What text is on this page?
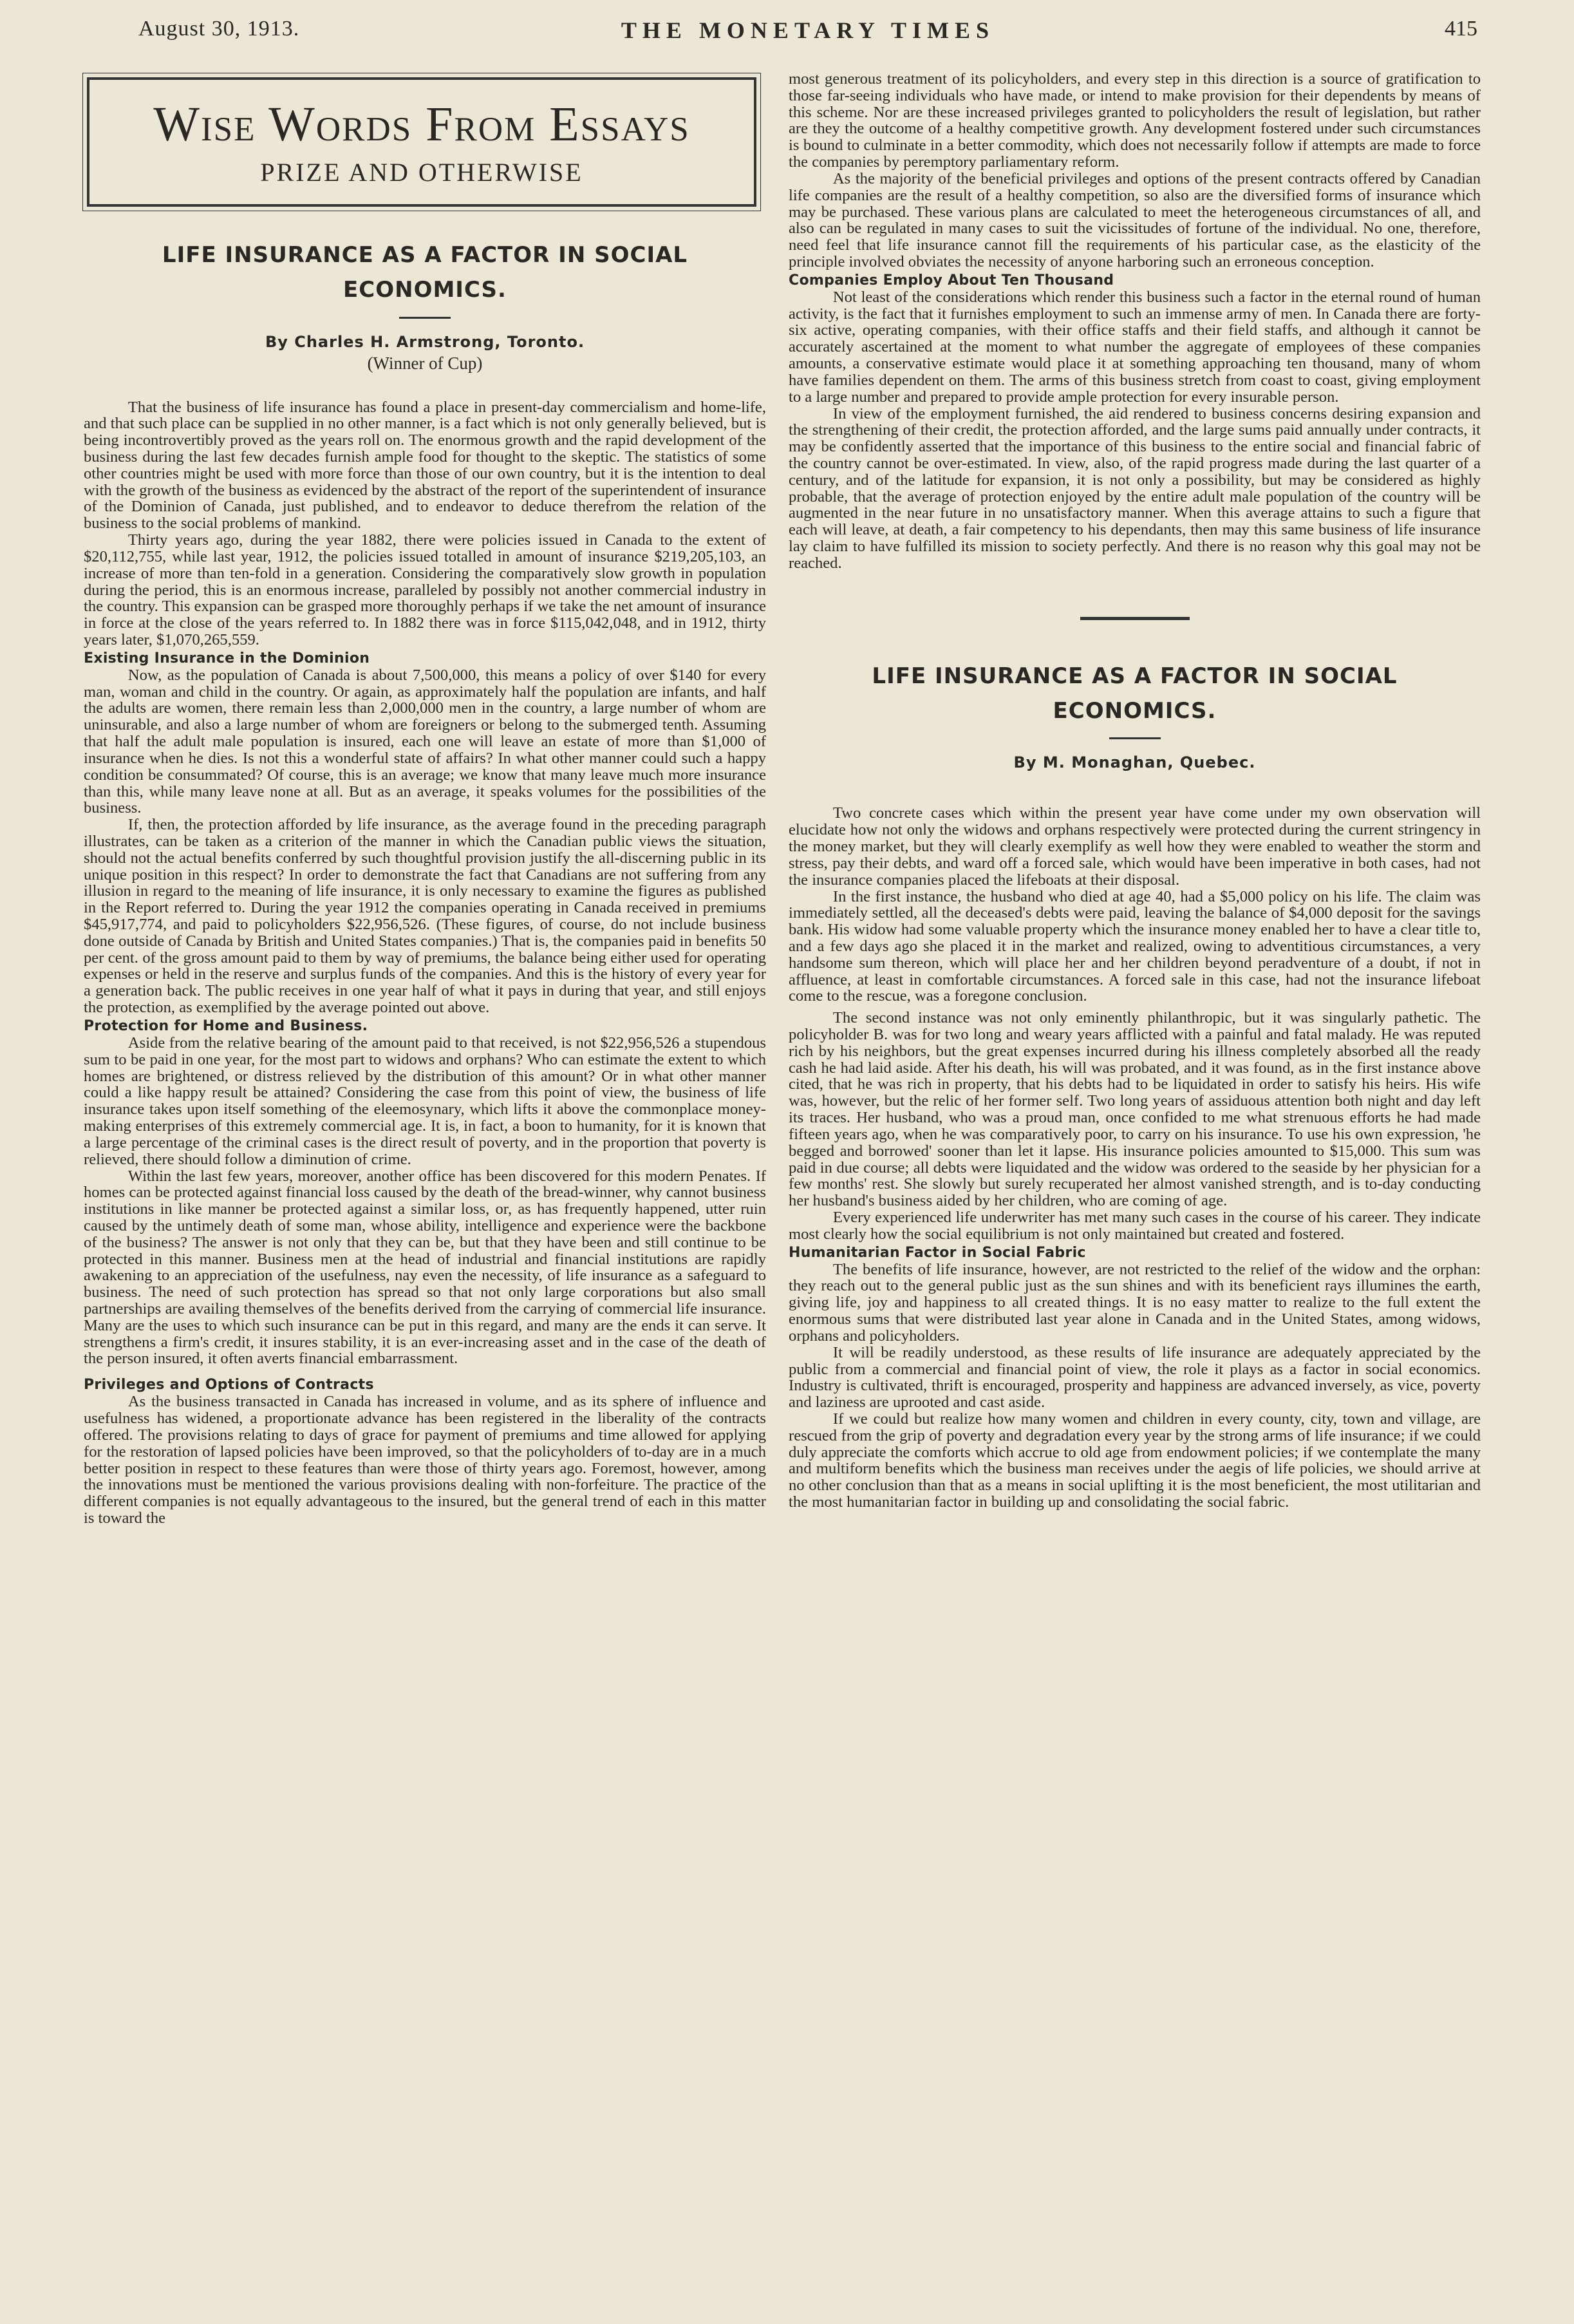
August 30, 1913.	THE MONETARY TIMES	415
Wise Words From Essays
PRIZE AND OTHERWISE
LIFE INSURANCE AS A FACTOR IN SOCIAL ECONOMICS.
By Charles H. Armstrong, Toronto.
(Winner of Cup)

That the business of life insurance has found a place in present-day commercialism and home-life, and that such place can be supplied in no other manner, is a fact which is not only generally believed, but is being incontrovertibly proved as the years roll on. The enormous growth and the rapid development of the business during the last few decades furnish ample food for thought to the skeptic. The statistics of some other countries might be used with more force than those of our own country, but it is the intention to deal with the growth of the business as evidenced by the abstract of the report of the superintendent of insurance of the Dominion of Canada, just published, and to endeavor to deduce therefrom the relation of the business to the social problems of mankind.

Thirty years ago, during the year 1882, there were policies issued in Canada to the extent of $20,112,755, while last year, 1912, the policies issued totalled in amount of insurance $219,205,103, an increase of more than ten-fold in a generation. Considering the comparatively slow growth in population during the period, this is an enormous increase, paralleled by possibly not another commercial industry in the country. This expansion can be grasped more thoroughly perhaps if we take the net amount of insurance in force at the close of the years referred to. In 1882 there was in force $115,042,048, and in 1912, thirty years later, $1,070,265,559.

Existing Insurance in the Dominion

Now, as the population of Canada is about 7,500,000, this means a policy of over $140 for every man, woman and child in the country. Or again, as approximately half the population are infants, and half the adults are women, there remain less than 2,000,000 men in the country, a large number of whom are uninsurable, and also a large number of whom are foreigners or belong to the submerged tenth. Assuming that half the adult male population is insured, each one will leave an estate of more than $1,000 of insurance when he dies. Is not this a wonderful state of affairs? In what other manner could such a happy condition be consummated? Of course, this is an average; we know that many leave much more insurance than this, while many leave none at all. But as an average, it speaks volumes for the possibilities of the business.

If, then, the protection afforded by life insurance, as the average found in the preceding paragraph illustrates, can be taken as a criterion of the manner in which the Canadian public views the situation, should not the actual benefits conferred by such thoughtful provision justify the all-discerning public in its unique position in this respect? In order to demonstrate the fact that Canadians are not suffering from any illusion in regard to the meaning of life insurance, it is only necessary to examine the figures as published in the Report referred to. During the year 1912 the companies operating in Canada received in premiums $45,917,774, and paid to policyholders $22,956,526. (These figures, of course, do not include business done outside of Canada by British and United States companies.) That is, the companies paid in benefits 50 per cent. of the gross amount paid to them by way of premiums, the balance being either used for operating expenses or held in the reserve and surplus funds of the companies. And this is the history of every year for a generation back. The public receives in one year half of what it pays in during that year, and still enjoys the protection, as exemplified by the average pointed out above.

Protection for Home and Business.

Aside from the relative bearing of the amount paid to that received, is not $22,956,526 a stupendous sum to be paid in one year, for the most part to widows and orphans? Who can estimate the extent to which homes are brightened, or distress relieved by the distribution of this amount? Or in what other manner could a like happy result be attained? Considering the case from this point of view, the business of life insurance takes upon itself something of the eleemosynary, which lifts it above the commonplace money-making enterprises of this extremely commercial age. It is, in fact, a boon to humanity, for it is known that a large percentage of the criminal cases is the direct result of poverty, and in the proportion that poverty is relieved, there should follow a diminution of crime.

Within the last few years, moreover, another office has been discovered for this modern Penates. If homes can be protected against financial loss caused by the death of the bread-winner, why cannot business institutions in like manner be protected against a similar loss, or, as has frequently happened, utter ruin caused by the untimely death of some man, whose ability, intelligence and experience were the backbone of the business? The answer is not only that they can be, but that they have been and still continue to be protected in this manner. Business men at the head of industrial and financial institutions are rapidly awakening to an appreciation of the usefulness, nay even the necessity, of life insurance as a safeguard to business. The need of such protection has spread so that not only large corporations but also small partnerships are availing themselves of the benefits derived from the carrying of commercial life insurance. Many are the uses to which such insurance can be put in this regard, and many are the ends it can serve. It strengthens a firm's credit, it insures stability, it is an ever-increasing asset and in the case of the death of the person insured, it often averts financial embarrassment.

Privileges and Options of Contracts

As the business transacted in Canada has increased in volume, and as its sphere of influence and usefulness has widened, a proportionate advance has been registered in the liberality of the contracts offered. The provisions relating to days of grace for payment of premiums and time allowed for applying for the restoration of lapsed policies have been improved, so that the policyholders of to-day are in a much better position in respect to these features than were those of thirty years ago. Foremost, however, among the innovations must be mentioned the various provisions dealing with non-forfeiture. The practice of the different companies is not equally advantageous to the insured, but the general trend of each in this matter is toward the

most generous treatment of its policyholders, and every step in this direction is a source of gratification to those far-seeing individuals who have made, or intend to make provision for their dependents by means of this scheme. Nor are these increased privileges granted to policyholders the result of legislation, but rather are they the outcome of a healthy competitive growth. Any development fostered under such circumstances is bound to culminate in a better commodity, which does not necessarily follow if attempts are made to force the companies by peremptory parliamentary reform.

As the majority of the beneficial privileges and options of the present contracts offered by Canadian life companies are the result of a healthy competition, so also are the diversified forms of insurance which may be purchased. These various plans are calculated to meet the heterogeneous circumstances of all, and also can be regulated in many cases to suit the vicissitudes of fortune of the individual. No one, therefore, need feel that life insurance cannot fill the requirements of his particular case, as the elasticity of the principle involved obviates the necessity of anyone harboring such an erroneous conception.

Companies Employ About Ten Thousand

Not least of the considerations which render this business such a factor in the eternal round of human activity, is the fact that it furnishes employment to such an immense army of men. In Canada there are forty-six active, operating companies, with their office staffs and their field staffs, and although it cannot be accurately ascertained at the moment to what number the aggregate of employees of these companies amounts, a conservative estimate would place it at something approaching ten thousand, many of whom have families dependent on them. The arms of this business stretch from coast to coast, giving employment to a large number and prepared to provide ample protection for every insurable person.

In view of the employment furnished, the aid rendered to business concerns desiring expansion and the strengthening of their credit, the protection afforded, and the large sums paid annually under contracts, it may be confidently asserted that the importance of this business to the entire social and financial fabric of the country cannot be over-estimated. In view, also, of the rapid progress made during the last quarter of a century, and of the latitude for expansion, it is not only a possibility, but may be considered as highly probable, that the average of protection enjoyed by the entire adult male population of the country will be augmented in the near future in no unsatisfactory manner. When this average attains to such a figure that each will leave, at death, a fair competency to his dependants, then may this same business of life insurance lay claim to have fulfilled its mission to society perfectly. And there is no reason why this goal may not be reached.

LIFE INSURANCE AS A FACTOR IN SOCIAL ECONOMICS.
By M. Monaghan, Quebec.

Two concrete cases which within the present year have come under my own observation will elucidate how not only the widows and orphans respectively were protected during the current stringency in the money market, but they will clearly exemplify as well how they were enabled to weather the storm and stress, pay their debts, and ward off a forced sale, which would have been imperative in both cases, had not the insurance companies placed the lifeboats at their disposal.

In the first instance, the husband who died at age 40, had a $5,000 policy on his life. The claim was immediately settled, all the deceased's debts were paid, leaving the balance of $4,000 deposit for the savings bank. His widow had some valuable property which the insurance money enabled her to have a clear title to, and a few days ago she placed it in the market and realized, owing to adventitious circumstances, a very handsome sum thereon, which will place her and her children beyond peradventure of a doubt, if not in affluence, at least in comfortable circumstances. A forced sale in this case, had not the insurance lifeboat come to the rescue, was a foregone conclusion.

The second instance was not only eminently philanthropic, but it was singularly pathetic. The policyholder B. was for two long and weary years afflicted with a painful and fatal malady. He was reputed rich by his neighbors, but the great expenses incurred during his illness completely absorbed all the ready cash he had laid aside. After his death, his will was probated, and it was found, as in the first instance above cited, that he was rich in property, that his debts had to be liquidated in order to satisfy his heirs. His wife was, however, but the relic of her former self. Two long years of assiduous attention both night and day left its traces. Her husband, who was a proud man, once confided to me what strenuous efforts he had made fifteen years ago, when he was comparatively poor, to carry on his insurance. To use his own expression, 'he begged and borrowed' sooner than let it lapse. His insurance policies amounted to $15,000. This sum was paid in due course; all debts were liquidated and the widow was ordered to the seaside by her physician for a few months' rest. She slowly but surely recuperated her almost vanished strength, and is to-day conducting her husband's business aided by her children, who are coming of age.

Every experienced life underwriter has met many such cases in the course of his career. They indicate most clearly how the social equilibrium is not only maintained but created and fostered.

Humanitarian Factor in Social Fabric

The benefits of life insurance, however, are not restricted to the relief of the widow and the orphan: they reach out to the general public just as the sun shines and with its beneficient rays illumines the earth, giving life, joy and happiness to all created things. It is no easy matter to realize to the full extent the enormous sums that were distributed last year alone in Canada and in the United States, among widows, orphans and policyholders.

It will be readily understood, as these results of life insurance are adequately appreciated by the public from a commercial and financial point of view, the role it plays as a factor in social economics. Industry is cultivated, thrift is encouraged, prosperity and happiness are advanced inversely, as vice, poverty and laziness are uprooted and cast aside.

If we could but realize how many women and children in every county, city, town and village, are rescued from the grip of poverty and degradation every year by the strong arms of life insurance; if we could duly appreciate the comforts which accrue to old age from endowment policies; if we contemplate the many and multiform benefits which the business man receives under the aegis of life policies, we should arrive at no other conclusion than that as a means in social uplifting it is the most beneficient, the most utilitarian and the most humanitarian factor in building up and consolidating the social fabric.
